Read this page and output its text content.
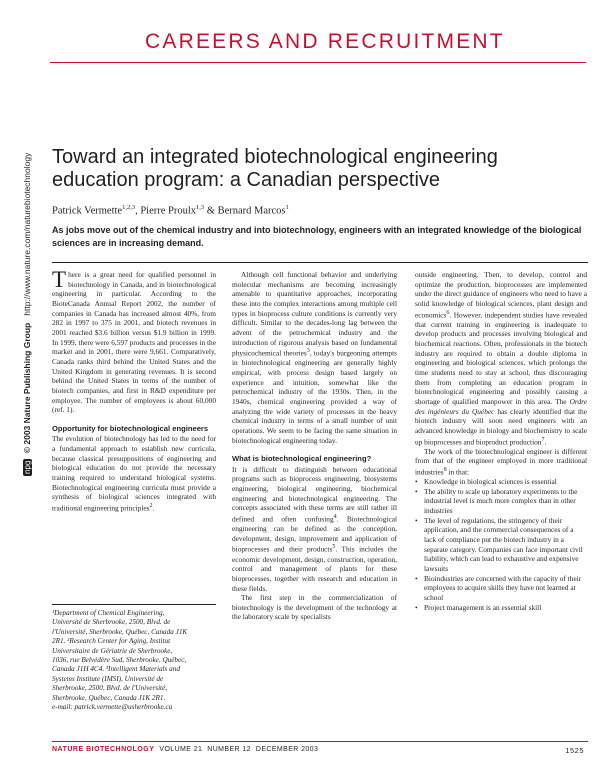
CAREERS AND RECRUITMENT
npg © 2003 Nature Publishing Group   http://www.nature.com/naturebiotechnology Toward an integrated biotechnological engineering education program: a Canadian perspective
Patrick Vermette$^{1,2,3}$, Pierre Proulx$^{1,3}$ & Bernard Marcos$^1$
As jobs move out of the chemical industry and into biotechnology, engineers with an integrated knowledge of the biological sciences are in increasing demand.

There is a great need for qualified personnel in biotechnology in Canada, and in biotechnological engineering in particular. According to the BioteCanada Annual Report 2002, the number of companies in Canada has increased almost 40%, from 282 in 1997 to 375 in 2001, and biotech revenues in 2001 reached $3.6 billion versus $1.9 billion in 1999. In 1999, there were 6,597 products and processes in the market and in 2001, there were 9,661. Comparatively, Canada ranks third behind the United States and the United Kingdom in generating revenues. It is second behind the United States in terms of the number of biotech companies, and first in R&D expenditure per employee. The number of employees is about 60,000 (ref. 1).

Opportunity for biotechnological engineers

The evolution of biotechnology has led to the need for a fundamental approach to establish new curricula, because classical presuppositions of engineering and biological education do not provide the necessary training required to understand biological systems. Biotechnological engineering curricula must provide a synthesis of biological sciences integrated with traditional engineering principles$^2$.

¹Department of Chemical Engineering,
Université de Sherbrooke, 2500, Blvd. de
l'Université, Sherbrooke, Québec, Canada J1K
2R1. ²Research Center for Aging, Institut
Universitaire de Gériatrie de Sherbrooke,
1036, rue Belvédère Sud, Sherbrooke, Québec,
Canada J1H 4C4. ³Intelligent Materials and
Systems Institute (IMSI), Université de
Sherbrooke, 2500, Blvd. de l'Université,
Sherbrooke, Québec, Canada J1K 2R1.
e-mail: patrick.vermette@usherbrooke.ca

Although cell functional behavior and underlying molecular mechanisms are becoming increasingly amenable to quantitative approaches, incorporating these into the complex interactions among multiple cell types in bioprocess culture conditions is currently very difficult. Similar to the decades-long lag between the advent of the petrochemical industry and the introduction of rigorous analysis based on fundamental physicochemical theories$^3$, today's burgeoning attempts in biotechnological engineering are generally highly empirical, with process design based largely on experience and intuition, somewhat like the petrochemical industry of the 1930s. Then, in the 1940s, chemical engineering provided a way of analyzing the wide variety of processes in the heavy chemical industry in terms of a small number of unit operations. We seem to be facing the same situation in biotechnological engineering today.

What is biotechnological engineering?

It is difficult to distinguish between educational programs such as bioprocess engineering, biosystems engineering, biological engineering, biochemical engineering and biotechnological engineering. The concepts associated with these terms are still rather ill defined and often confusing$^4$. Biotechnological engineering can be defined as the conception, development, design, improvement and application of bioprocesses and their products$^5$. This includes the economic development, design, construction, operation, control and management of plants for these bioprocesses, together with research and education in these fields.

The first step in the commercialization of biotechnology is the development of the technology at the laboratory scale by specialists

outside engineering. Then, to develop, control and optimize the production, bioprocesses are implemented under the direct guidance of engineers who need to have a solid knowledge of biological sciences, plant design and economics$^6$. However, independent studies have revealed that current training in engineering is inadequate to develop products and processes involving biological and biochemical reactions. Often, professionals in the biotech industry are required to obtain a double diploma in engineering and biological sciences, which prolongs the time students need to stay at school, thus discouraging them from completing an education program in biotechnological engineering and possibly causing a shortage of qualified manpower in this area. The Ordre des ingénieurs du Québec has clearly identified that the biotech industry will soon need engineers with an advanced knowledge in biology and biochemistry to scale up bioprocesses and bioproduct production$^7$.

The work of the biotechnological engineer is different from that of the engineer employed in more traditional industries$^8$ in that:

• Knowledge in biological sciences is essential
• The ability to scale up laboratory experiments to the industrial level is much more complex than in other industries
• The level of regulations, the stringency of their application, and the commercial consequences of a lack of compliance put the biotech industry in a separate category. Companies can face important civil liability, which can lead to exhaustive and expensive lawsuits
• Bioindustries are concerned with the capacity of their employees to acquire skills they have not learned at school
• Project management is an essential skill
NATURE BIOTECHNOLOGY VOLUME 21 NUMBER 12 DECEMBER 2003	1525
